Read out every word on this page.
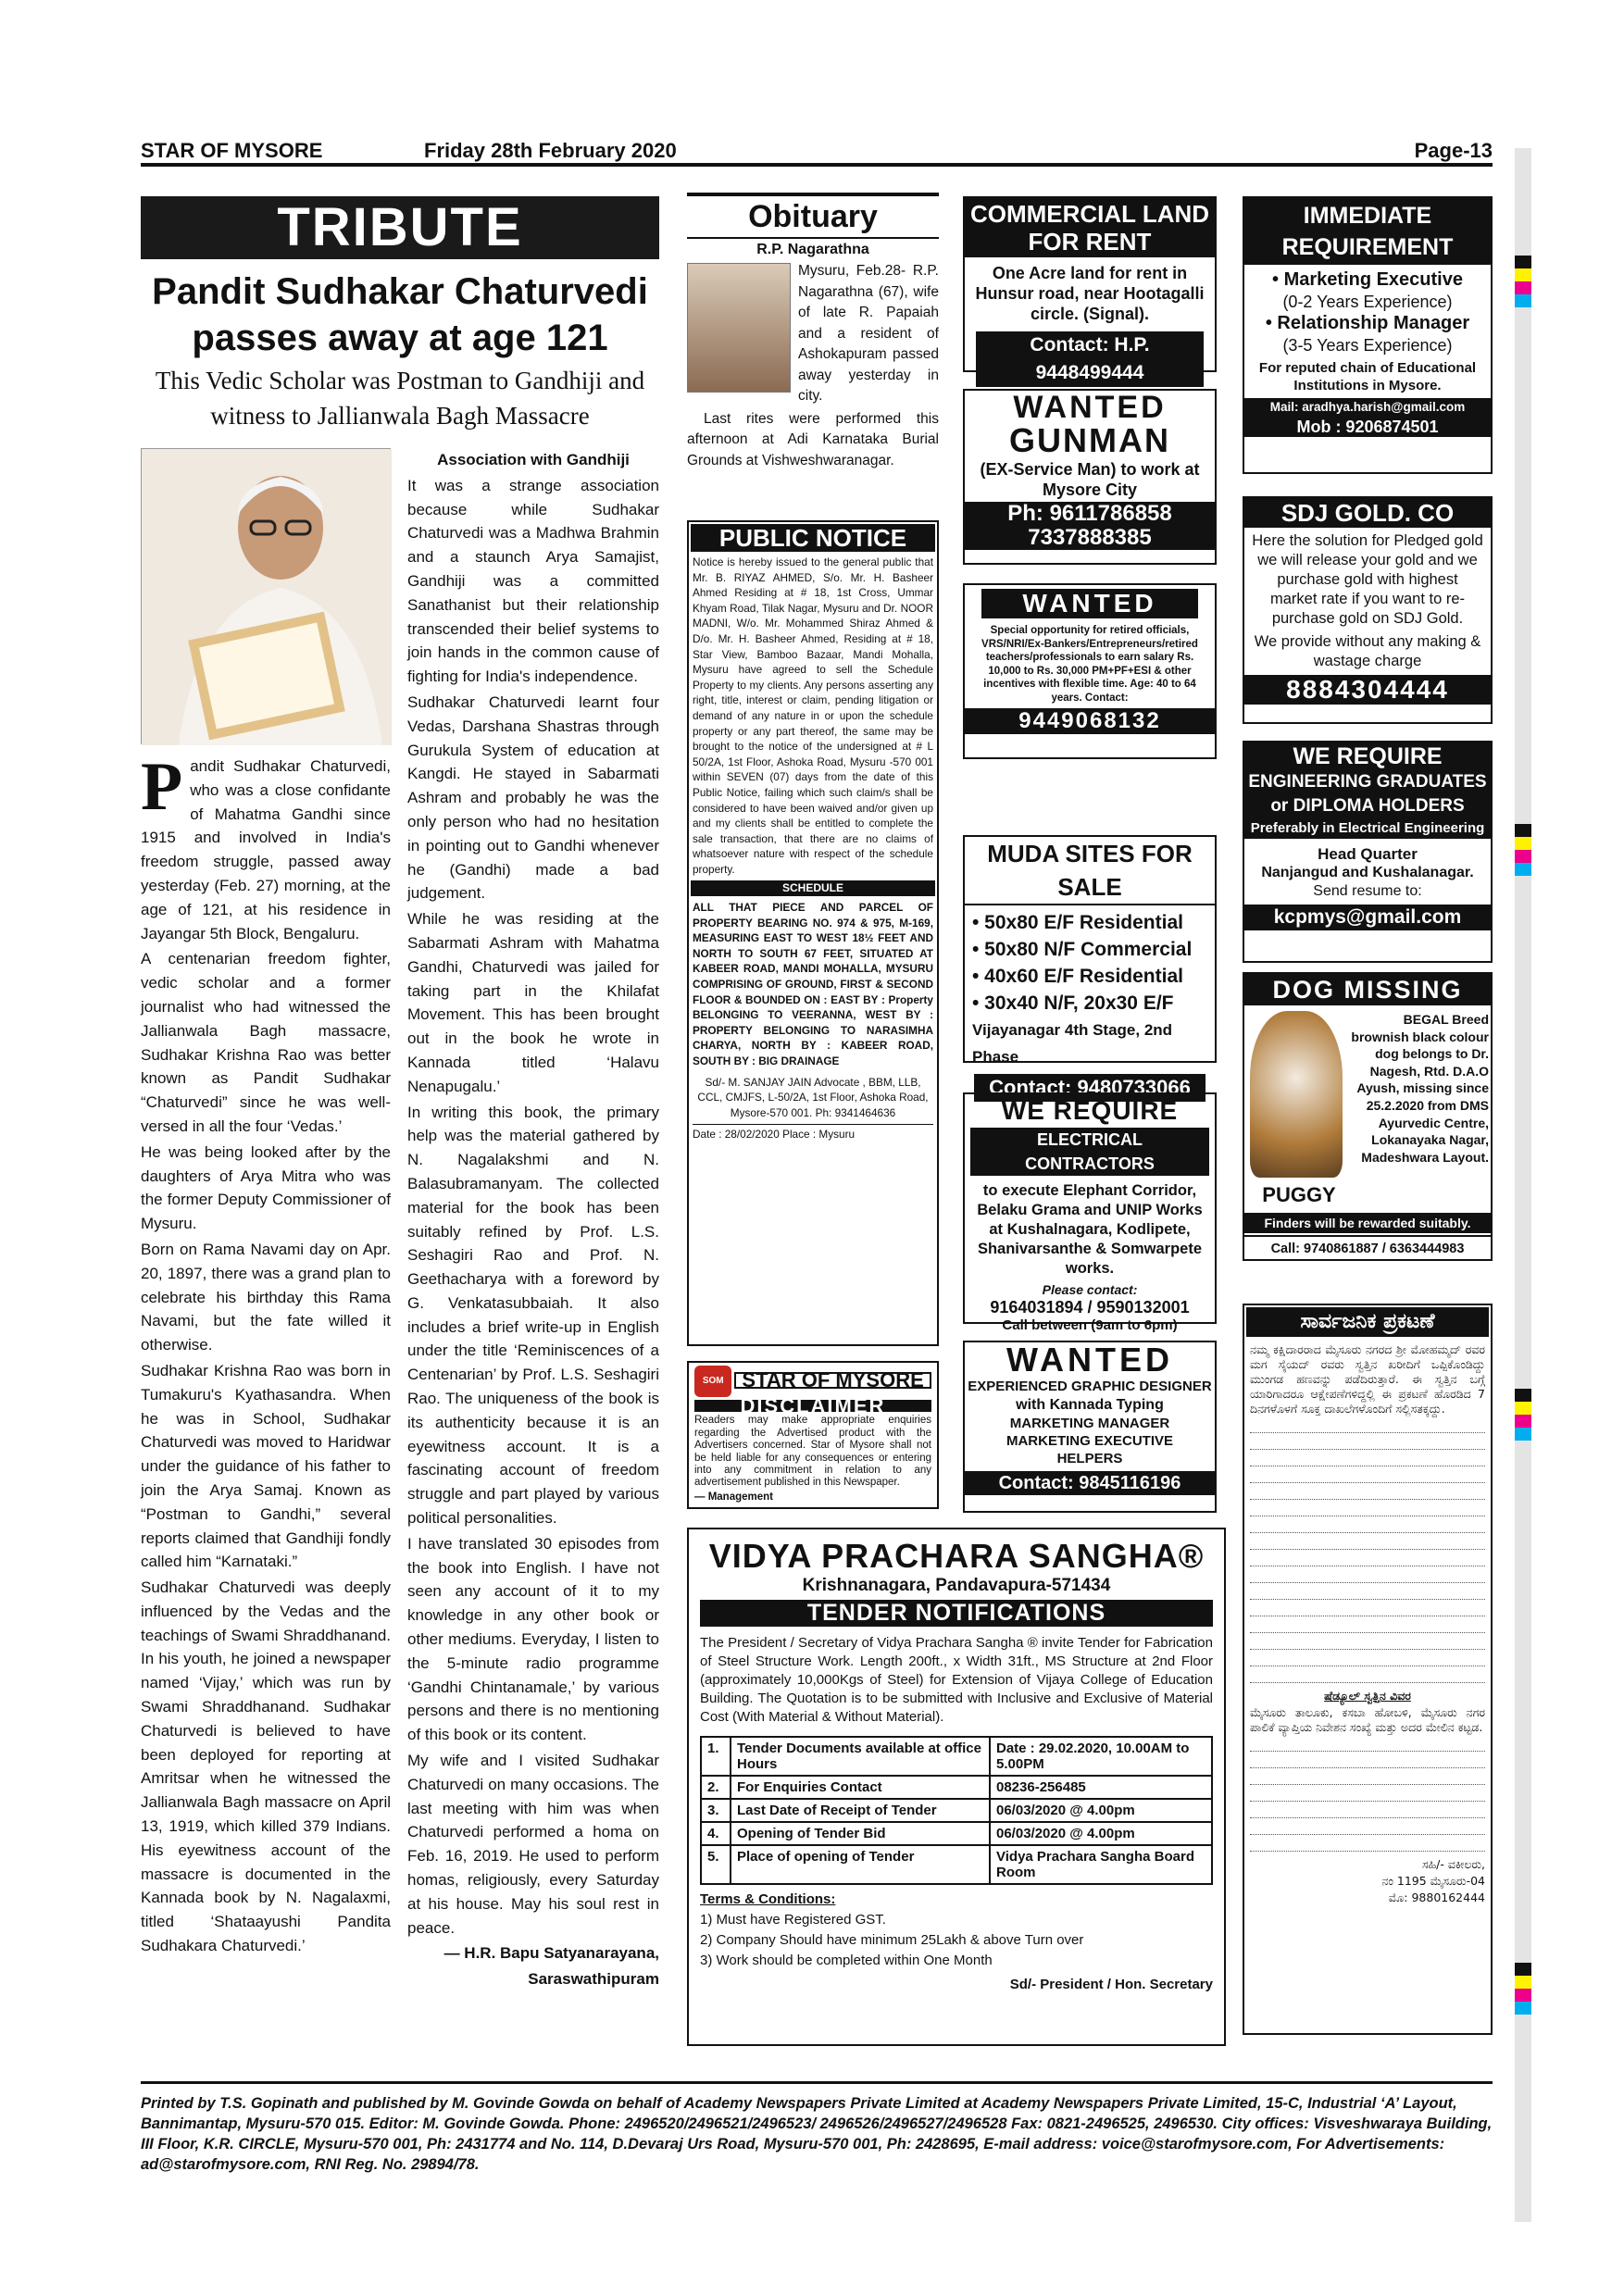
STAR OF MYSORE	Friday 28th February 2020	Page-13
TRIBUTE
Pandit Sudhakar Chaturvedi passes away at age 121
This Vedic Scholar was Postman to Gandhiji and witness to Jallianwala Bagh Massacre

Pandit Sudhakar Chaturvedi, who was a close confidante of Mahatma Gandhi since 1915 and involved in India's freedom struggle, passed away yesterday (Feb. 27) morning, at the age of 121, at his residence in Jayangar 5th Block, Bengaluru.

A centenarian freedom fighter, vedic scholar and a former journalist who had witnessed the Jallianwala Bagh massacre, Sudhakar Krishna Rao was better known as Pandit Sudhakar “Chaturvedi” since he was well-versed in all the four ‘Vedas.’

He was being looked after by the daughters of Arya Mitra who was the former Deputy Commissioner of Mysuru.

Born on Rama Navami day on Apr. 20, 1897, there was a grand plan to celebrate his birthday this Rama Navami, but the fate willed it otherwise.

Sudhakar Krishna Rao was born in Tumakuru's Kyathasandra. When he was in School, Sudhakar Chaturvedi was moved to Haridwar under the guidance of his father to join the Arya Samaj. Known as “Postman to Gandhi,” several reports claimed that Gandhiji fondly called him “Karnataki.”

Sudhakar Chaturvedi was deeply influenced by the Vedas and the teachings of Swami Shraddhanand. In his youth, he joined a newspaper named ‘Vijay,’ which was run by Swami Shraddhanand. Sudhakar Chaturvedi is believed to have been deployed for reporting at Amritsar when he witnessed the Jallianwala Bagh massacre on April 13, 1919, which killed 379 Indians. His eyewitness account of the massacre is documented in the Kannada book by N. Nagalaxmi, titled ‘Shataayushi Pandita Sudhakara Chaturvedi.’

Association with Gandhiji

It was a strange association because while Sudhakar Chaturvedi was a Madhwa Brahmin and a staunch Arya Samajist, Gandhiji was a committed Sanathanist but their relationship transcended their belief systems to join hands in the common cause of fighting for India's independence.

Sudhakar Chaturvedi learnt four Vedas, Darshana Shastras through Gurukula System of education at Kangdi. He stayed in Sabarmati Ashram and probably he was the only person who had no hesitation in pointing out to Gandhi whenever he (Gandhi) made a bad judgement.

While he was residing at the Sabarmati Ashram with Mahatma Gandhi, Chaturvedi was jailed for taking part in the Khilafat Movement. This has been brought out in the book he wrote in Kannada titled ‘Halavu Nenapugalu.’

In writing this book, the primary help was the material gathered by N. Nagalakshmi and N. Balasubramanyam. The collected material for the book has been suitably refined by Prof. L.S. Seshagiri Rao and Prof. N. Geethacharya with a foreword by G. Venkatasubbaiah. It also includes a brief write-up in English under the title ‘Reminiscences of a Centenarian’ by Prof. L.S. Seshagiri Rao. The uniqueness of the book is its authenticity because it is an eyewitness account. It is a fascinating account of freedom struggle and part played by various political personalities.

I have translated 30 episodes from the book into English. I have not seen any account of it to my knowledge in any other book or other mediums. Everyday, I listen to the 5-minute radio programme ‘Gandhi Chintanamale,’ by various persons and there is no mentioning of this book or its content.

My wife and I visited Sudhakar Chaturvedi on many occasions. The last meeting with him was when Chaturvedi performed a homa on Feb. 16, 2019. He used to perform homas, religiously, every Saturday at his house. May his soul rest in peace.

— H.R. Bapu Satyanarayana,

Saraswathipuram

Obituary
R.P. Nagarathna

Mysuru, Feb.28- R.P. Nagarathna (67), wife of late R. Papaiah and a resident of Ashokapuram passed away yesterday in city.

Last rites were performed this afternoon at Adi Karnataka Burial Grounds at Vishweshwaranagar.

PUBLIC NOTICE

Notice is hereby issued to the general public that Mr. B. RIYAZ AHMED, S/o. Mr. H. Basheer Ahmed Residing at # 18, 1st Cross, Ummar Khyam Road, Tilak Nagar, Mysuru and Dr. NOOR MADNI, W/o. Mr. Mohammed Shiraz Ahmed & D/o. Mr. H. Basheer Ahmed, Residing at # 18, Star View, Bamboo Bazaar, Mandi Mohalla, Mysuru have agreed to sell the Schedule Property to my clients. Any persons asserting any right, title, interest or claim, pending litigation or demand of any nature in or upon the schedule property or any part thereof, the same may be brought to the notice of the undersigned at # L 50/2A, 1st Floor, Ashoka Road, Mysuru -570 001 within SEVEN (07) days from the date of this Public Notice, failing which such claim/s shall be considered to have been waived and/or given up and my clients shall be entitled to complete the sale transaction, that there are no claims of whatsoever nature with respect of the schedule property.

SCHEDULE

ALL THAT PIECE AND PARCEL OF PROPERTY BEARING NO. 974 & 975, M-169, MEASURING EAST TO WEST 18½ FEET AND NORTH TO SOUTH 67 FEET, SITUATED AT KABEER ROAD, MANDI MOHALLA, MYSURU COMPRISING OF GROUND, FIRST & SECOND FLOOR & BOUNDED ON : EAST BY : Property BELONGING TO VEERANNA, WEST BY : PROPERTY BELONGING TO NARASIMHA CHARYA, NORTH BY : KABEER ROAD, SOUTH BY : BIG DRAINAGE

Sd/- M. SANJAY JAIN Advocate , BBM, LLB, CCL, CMJFS, L-50/2A, 1st Floor, Ashoka Road, Mysore-570 001. Ph: 9341464636

Date : 28/02/2020 Place : Mysuru

SOM STAR OF MYSORE
DISCLAIMER

Readers may make appropriate enquiries regarding the Advertised product with the Advertisers concerned. Star of Mysore shall not be held liable for any consequences or entering into any commitment in relation to any advertisement published in this Newspaper.

— Management

COMMERCIAL LAND FOR RENT
One Acre land for rent in Hunsur road, near Hootagalli circle. (Signal).
Contact: H.P. 9448499444
WANTED
GUNMAN
(EX-Service Man) to work at Mysore City
Ph: 9611786858
7337888385
WANTED
Special opportunity for retired officials, VRS/NRI/Ex-Bankers/Entrepreneurs/retired teachers/professionals to earn salary Rs. 10,000 to Rs. 30,000 PM+PF+ESI & other incentives with flexible time. Age: 40 to 64 years. Contact:
9449068132
MUDA SITES FOR SALE
• 50x80 E/F Residential
• 50x80 N/F Commercial
• 40x60 E/F Residential
• 30x40 N/F, 20x30 E/F
Vijayanagar 4th Stage, 2nd Phase
Contact: 9480733066
WE REQUIRE
ELECTRICAL CONTRACTORS
to execute Elephant Corridor, Belaku Grama and UNIP Works at Kushalnagara, Kodlipete, Shanivarsanthe & Somwarpete works.
Please contact:
9164031894 / 9590132001
Call between (9am to 6pm)
WANTED
EXPERIENCED GRAPHIC DESIGNER
with Kannada Typing
MARKETING MANAGER
MARKETING EXECUTIVE
HELPERS
Contact: 9845116196
IMMEDIATE REQUIREMENT
• Marketing Executive
(0-2 Years Experience)
• Relationship Manager
(3-5 Years Experience)
For reputed chain of Educational Institutions in Mysore.
Mail: aradhya.harish@gmail.com
Mob : 9206874501
SDJ GOLD. CO
Here the solution for Pledged gold we will release your gold and we purchase gold with highest market rate if you want to re-purchase gold on SDJ Gold.
We provide without any making & wastage charge
8884304444
WE REQUIRE
ENGINEERING GRADUATES
or DIPLOMA HOLDERS
Preferably in Electrical Engineering
Head Quarter
Nanjangud and Kushalanagar.
Send resume to:
kcpmys@gmail.com
DOG MISSING
BEGAL Breed brownish black colour dog belongs to Dr. Nagesh, Rtd. D.A.O Ayush, missing since 25.2.2020 from DMS Ayurvedic Centre, Lokanayaka Nagar, Madeshwara Layout.
PUGGY
Finders will be rewarded suitably.
Call: 9740861887 / 6363444983
ಸಾರ್ವಜನಿಕ ಪ್ರಕಟಣೆ

ನಮ್ಮ ಕಕ್ಷಿದಾರರಾದ ಮೈಸೂರು ನಗರದ ಶ್ರೀ ಮೋಹಮ್ಮದ್ ರವರ ಮಗ ಸೈಯದ್ ರವರು ಸ್ವತ್ತಿನ ಖರೀದಿಗೆ ಒಪ್ಪಿಕೊಂಡಿದ್ದು ಮುಂಗಡ ಹಣವನ್ನು ಪಡೆದಿರುತ್ತಾರೆ. ಈ ಸ್ವತ್ತಿನ ಬಗ್ಗೆ ಯಾರಿಗಾದರೂ ಆಕ್ಷೇಪಣೆಗಳಿದ್ದಲ್ಲಿ ಈ ಪ್ರಕಟಣೆ ಹೊರಡಿದ 7 ದಿನಗಳೊಳಗೆ ಸೂಕ್ತ ದಾಖಲೆಗಳೊಂದಿಗೆ ಸಲ್ಲಿಸತಕ್ಕದ್ದು.

ಷೆಡ್ಯೂಲ್ ಸ್ವತ್ತಿನ ವಿವರ

ಮೈಸೂರು ತಾಲೂಕು, ಕಸಬಾ ಹೋಬಳಿ, ಮೈಸೂರು ನಗರ ಪಾಲಿಕೆ ವ್ಯಾಪ್ತಿಯ ನಿವೇಶನ ಸಂಖ್ಯೆ ಮತ್ತು ಅದರ ಮೇಲಿನ ಕಟ್ಟಡ.

ಸಹಿ/- ವಕೀಲರು,

ನಂ 1195 ಮೈಸೂರು-04

ಮೊ: 9880162444

VIDYA PRACHARA SANGHA®
Krishnanagara, Pandavapura-571434
TENDER NOTIFICATIONS

The President / Secretary of Vidya Prachara Sangha ® invite Tender for Fabrication of Steel Structure Work. Length 200ft., x Width 31ft., MS Structure at 2nd Floor (approximately 10,000Kgs of Steel) for Extension of Vijaya College of Education Building. The Quotation is to be submitted with Inclusive and Exclusive of Material Cost (With Material & Without Material).

1.	Tender Documents available at office Hours	Date : 29.02.2020, 10.00AM to 5.00PM
2.	For Enquiries Contact	08236-256485
3.	Last Date of Receipt of Tender	06/03/2020 @ 4.00pm
4.	Opening of Tender Bid	06/03/2020 @ 4.00pm
5.	Place of opening of Tender	Vidya Prachara Sangha Board Room

Terms & Conditions:

1) Must have Registered GST.

2) Company Should have minimum 25Lakh & above Turn over

3) Work should be completed within One Month

Sd/- President / Hon. Secretary

Printed by T.S. Gopinath and published by M. Govinde Gowda on behalf of Academy Newspapers Private Limited at Academy Newspapers Private Limited, 15-C, Industrial ‘A’ Layout, Bannimantap, Mysuru-570 015. Editor: M. Govinde Gowda. Phone: 2496520/2496521/2496523/ 2496526/2496527/2496528 Fax: 0821-2496525, 2496530. City offices: Visveshwaraya Building, III Floor, K.R. CIRCLE, Mysuru-570 001, Ph: 2431774 and No. 114, D.Devaraj Urs Road, Mysuru-570 001, Ph: 2428695, E-mail address: voice@starofmysore.com, For Advertisements: ad@starofmysore.com, RNI Reg. No. 29894/78.
